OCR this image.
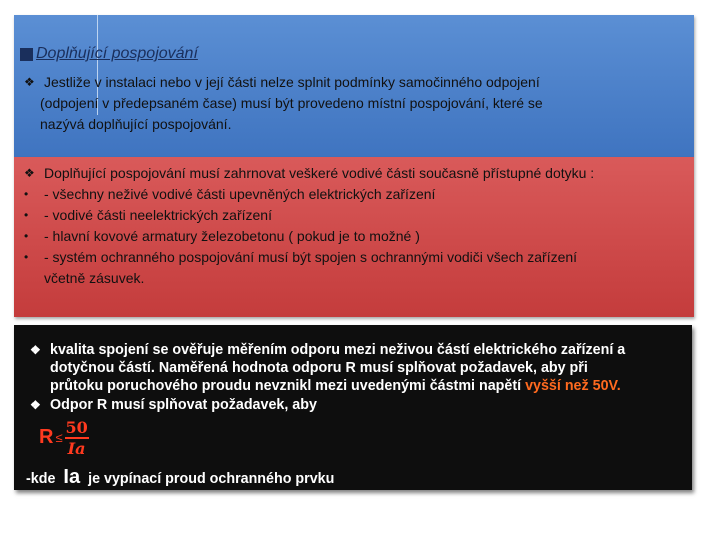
Doplňující pospojování
❖ Jestliže v instalaci nebo v její části nelze splnit podmínky samočinného odpojení
(odpojení v předepsaném čase) musí být provedeno místní pospojování, které se
nazývá doplňující pospojování.
❖ Doplňující pospojování musí zahrnovat veškeré vodivé části současně přístupné dotyku :
•	- všechny neživé vodivé části upevněných elektrických zařízení
•	- vodivé části neelektrických zařízení
•	- hlavní kovové armatury železobetonu ( pokud je to možné )
•	- systém ochranného pospojování musí být spojen s ochrannými vodiči všech zařízení
včetně zásuvek.
❖ kvalita spojení se ověřuje měřením odporu mezi neživou částí elektrického zařízení a
dotyčnou částí. Naměřená hodnota odporu R musí splňovat požadavek, aby při
průtoku poruchového proudu nevznikl mezi uvedenými částmi napětí vyšší než 50V.
❖ Odpor R musí splňovat požadavek, aby
$R \le \frac{50}{Ia}$
-kde Ia je vypínací proud ochranného prvku
